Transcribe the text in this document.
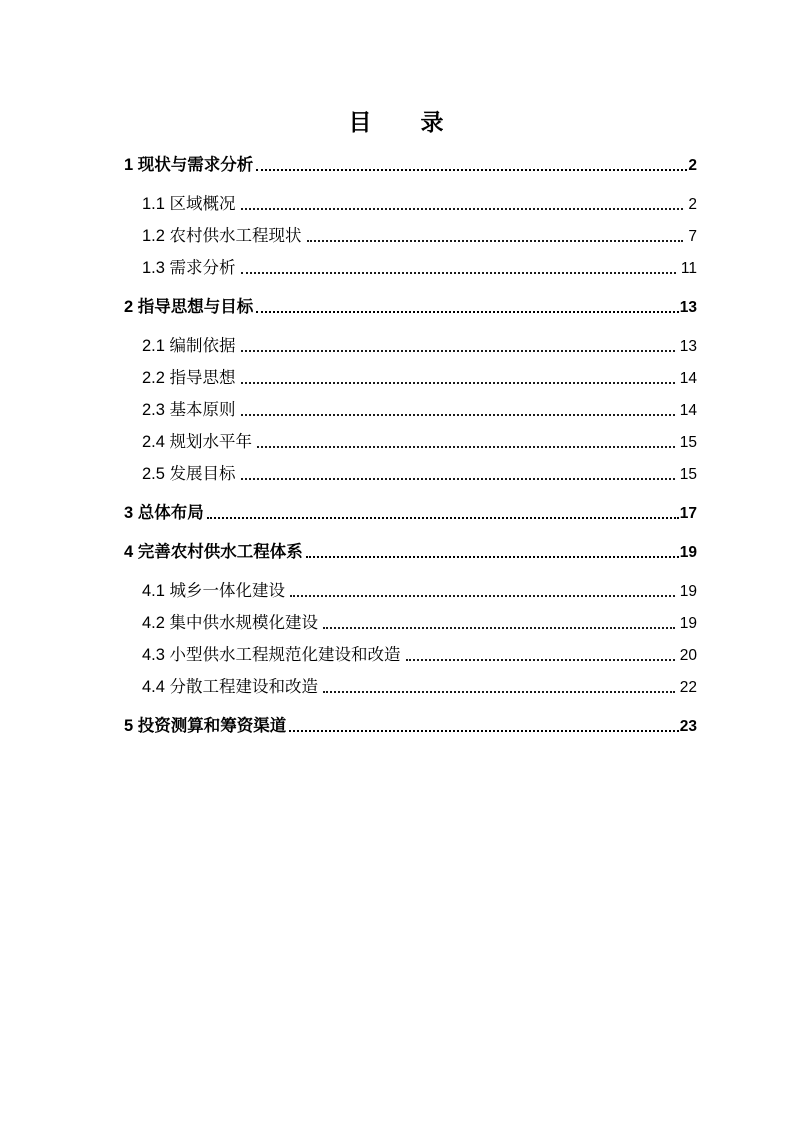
目　　录
1 现状与需求分析	2
1.1 区域概况	2
1.2 农村供水工程现状	7
1.3 需求分析	11
2 指导思想与目标	13
2.1 编制依据	13
2.2 指导思想	14
2.3 基本原则	14
2.4 规划水平年	15
2.5 发展目标	15
3 总体布局	17
4 完善农村供水工程体系	19
4.1 城乡一体化建设	19
4.2 集中供水规模化建设	19
4.3 小型供水工程规范化建设和改造	20
4.4 分散工程建设和改造	22
5 投资测算和筹资渠道	23
